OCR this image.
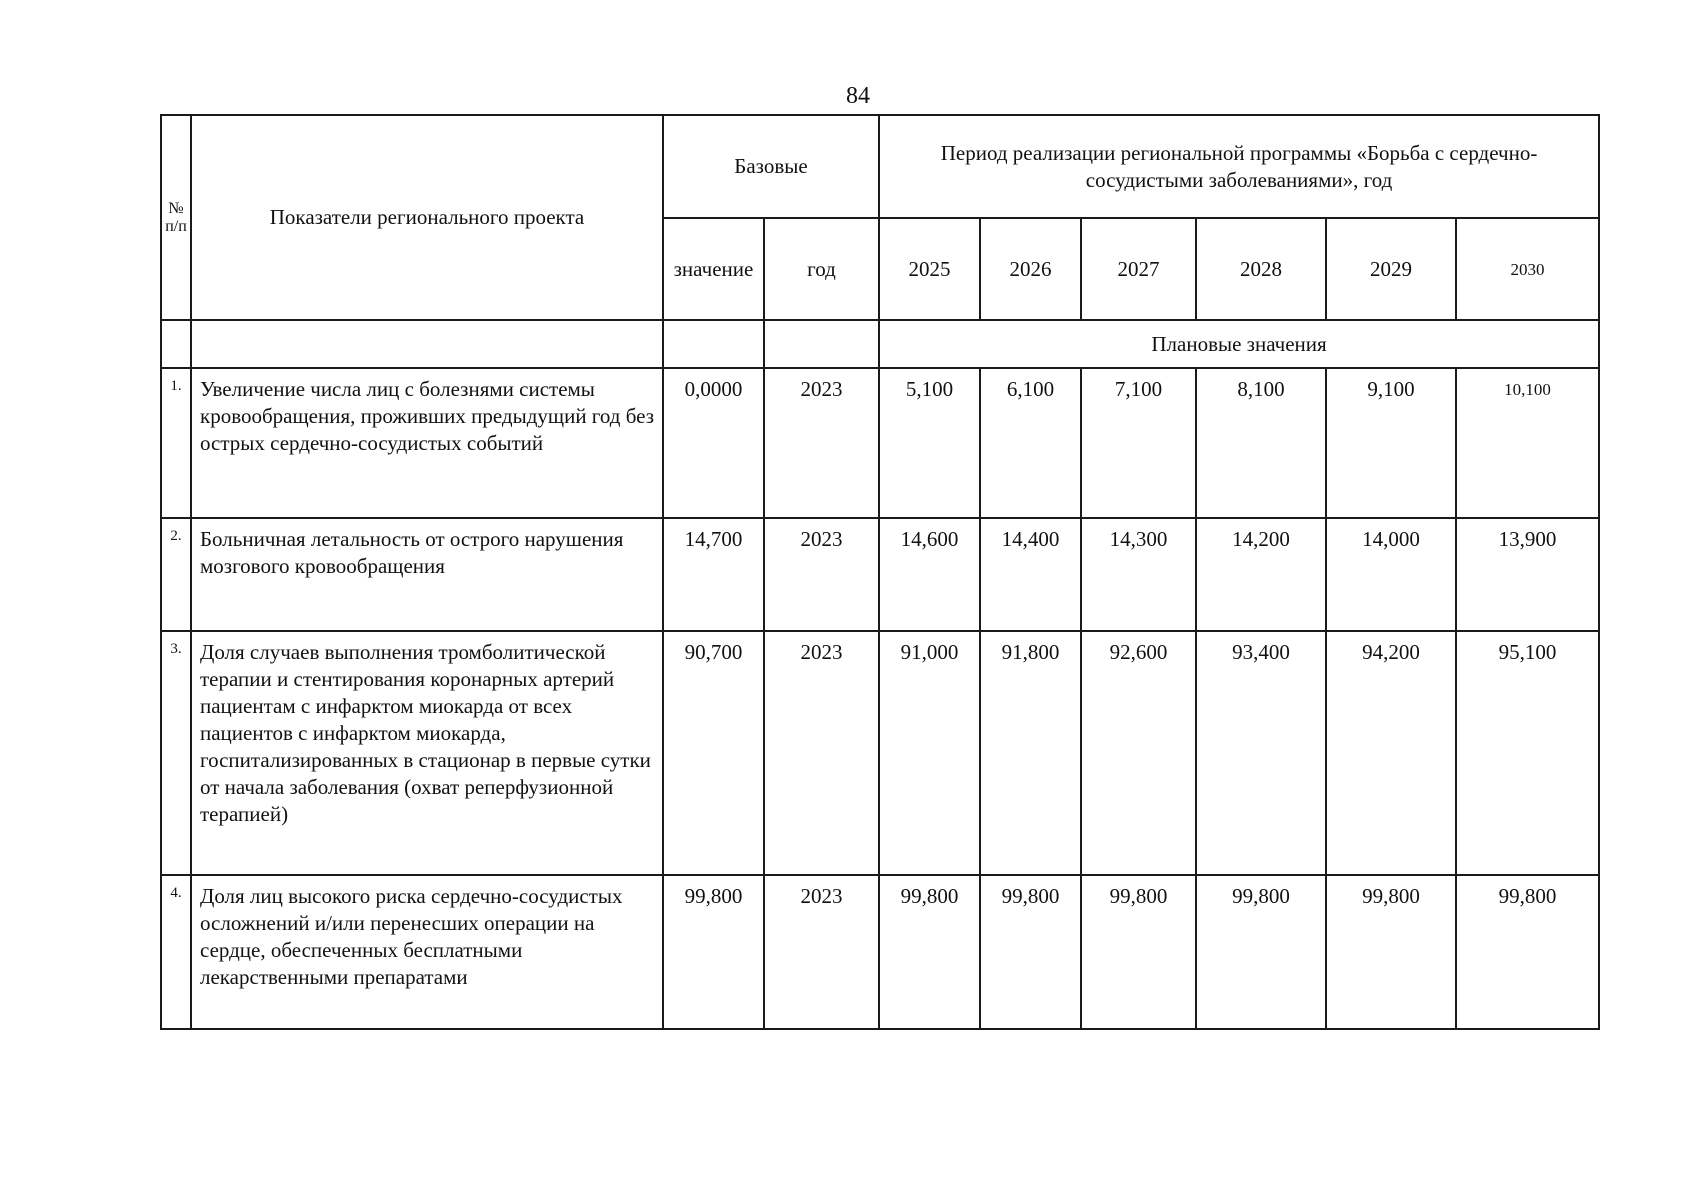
84
№ п/п	Показатели регионального проекта	Базовые		Период реализации региональной программы «Борьба с сердечно-сосудистыми заболеваниями», год					
		значение	год	2025	2026	2027	2028	2029	2030
				Плановые значения					
1.	Увеличение числа лиц с болезнями системы кровообращения, проживших предыдущий год без острых сердечно-сосудистых событий	0,0000	2023	5,100	6,100	7,100	8,100	9,100	10,100
2.	Больничная летальность от острого нарушения мозгового кровообращения	14,700	2023	14,600	14,400	14,300	14,200	14,000	13,900
3.	Доля случаев выполнения тромболитической терапии и стентирования коронарных артерий пациентам с инфарктом миокарда от всех пациентов с инфарктом миокарда, госпитализированных в стационар в первые сутки от начала заболевания (охват реперфузионной терапией)	90,700	2023	91,000	91,800	92,600	93,400	94,200	95,100
4.	Доля лиц высокого риска сердечно-сосудистых осложнений и/или перенесших операции на сердце, обеспеченных бесплатными лекарственными препаратами	99,800	2023	99,800	99,800	99,800	99,800	99,800	99,800
